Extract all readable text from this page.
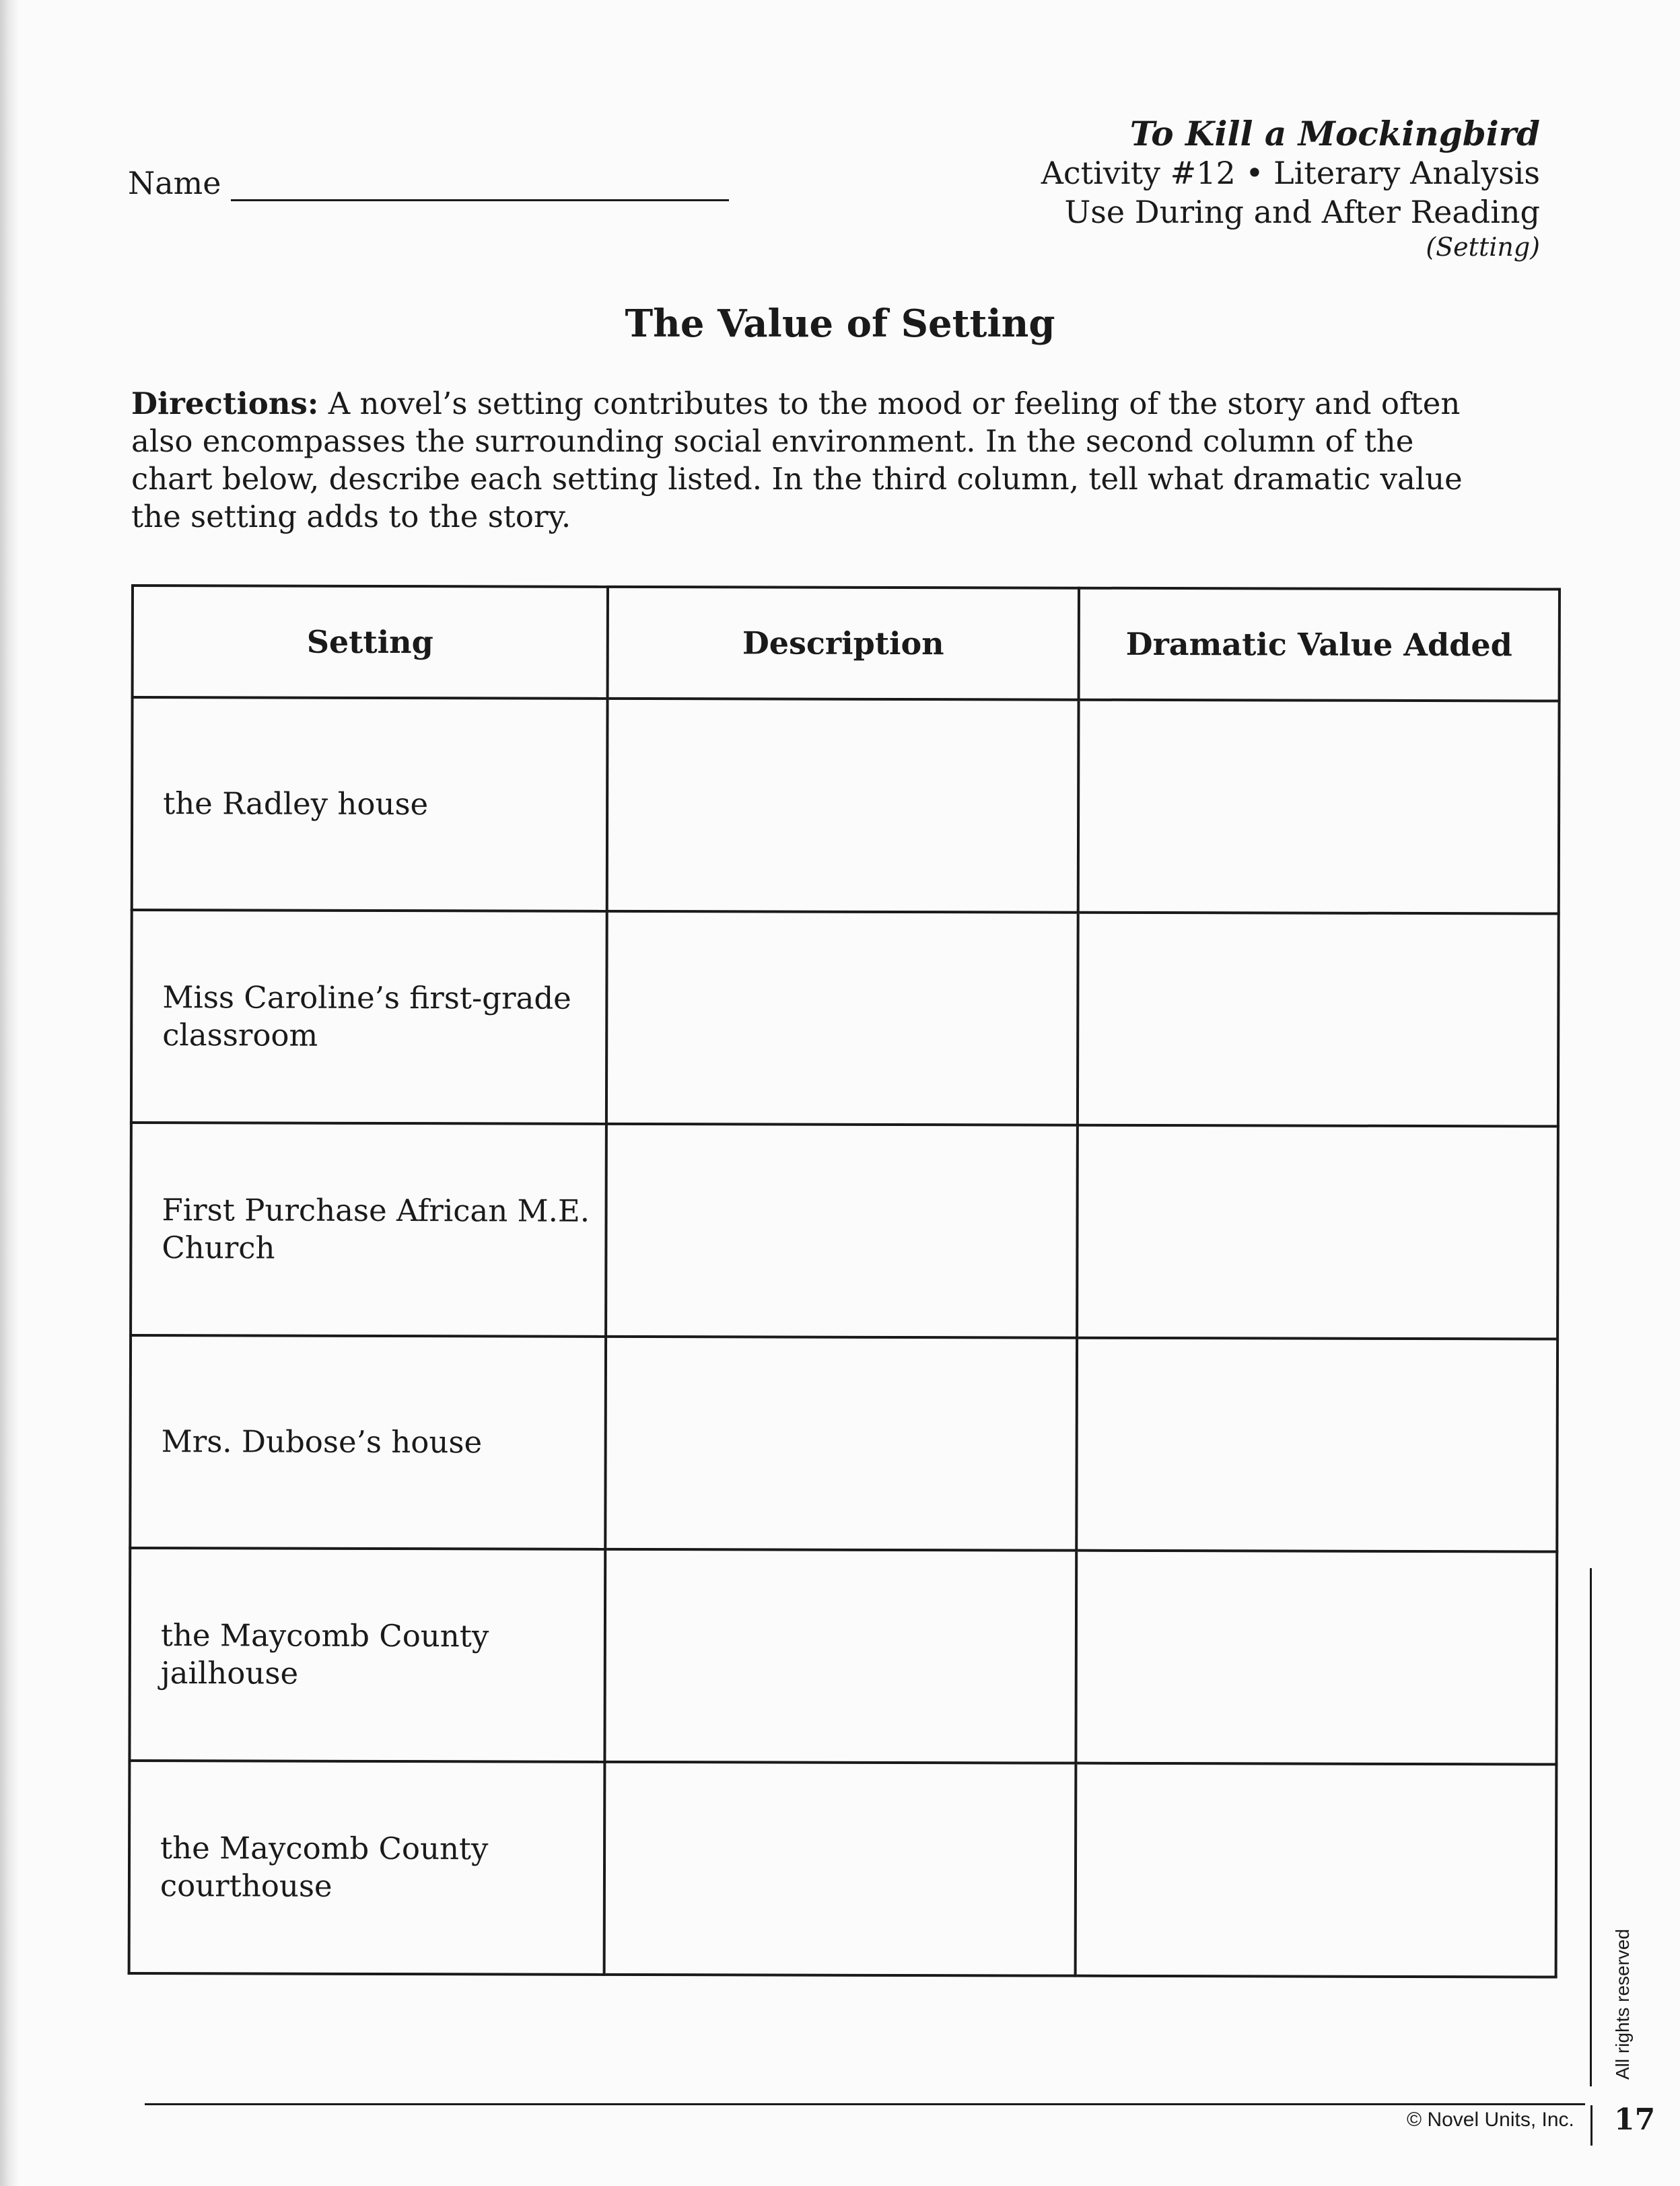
Name
To Kill a Mockingbird
Activity #12 • Literary Analysis
Use During and After Reading
(Setting)
The Value of Setting
Directions: A novel’s setting contributes to the mood or feeling of the story and often also encompasses the surrounding social environment. In the second column of the chart below, describe each setting listed. In the third column, tell what dramatic value the setting adds to the story.
Setting	Description	Dramatic Value Added
the Radley house		
Miss Caroline’s first-grade classroom		
First Purchase African M.E. Church		
Mrs. Dubose’s house		
the Maycomb County jailhouse		
the Maycomb County courthouse		
All rights reserved
© Novel Units, Inc. 17
